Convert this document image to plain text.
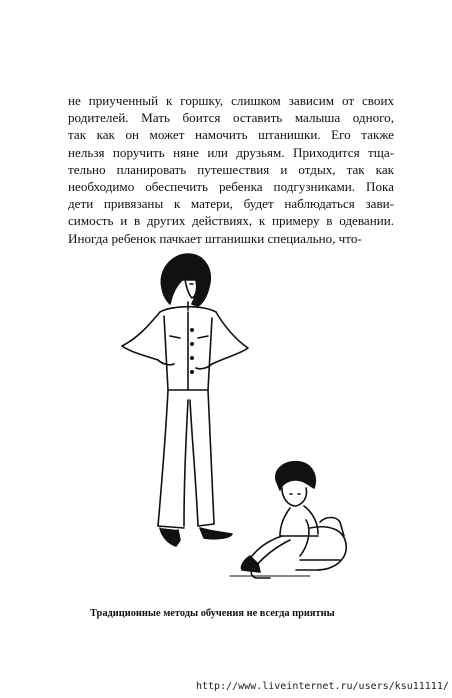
не приученный к горшку, слишком зависим от своих
родителей. Мать боится оставить малыша одного,
так как он может намочить штанишки. Его также
нельзя поручить няне или друзьям. Приходится тща-
тельно планировать путешествия и отдых, так как
необходимо обеспечить ребенка подгузниками. Пока
дети привязаны к матери, будет наблюдаться зави-
симость и в других действиях, к примеру в одевании.
Иногда ребенок пачкает штанишки специально, что-
Традиционные методы обучения не всегда приятны
http://www.liveinternet.ru/users/ksu11111/
